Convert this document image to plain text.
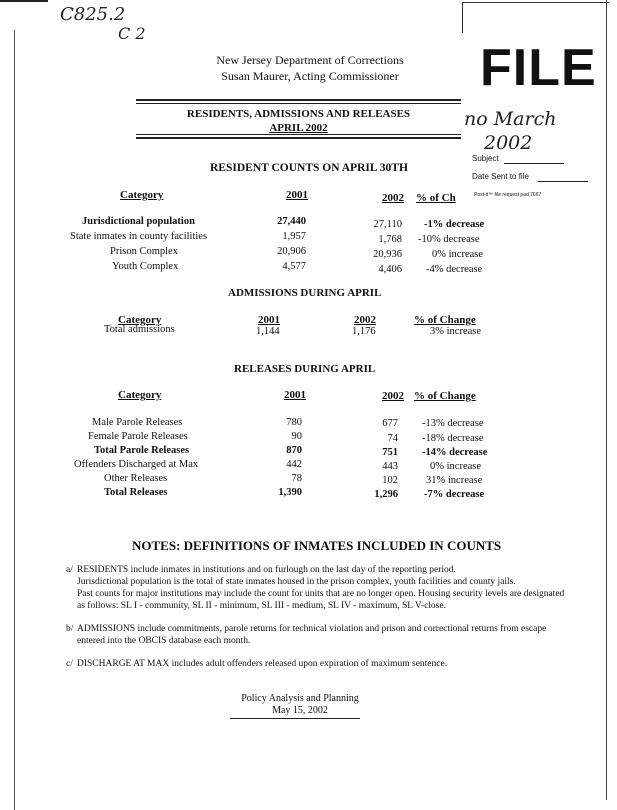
C825.2
C 2
FILE
no March
2002
Subject
Date Sent to file
Post-it™ file request pad 7667
New Jersey Department of Corrections
Susan Maurer, Acting Commissioner
RESIDENTS, ADMISSIONS AND RELEASES
APRIL 2002
RESIDENT COUNTS ON APRIL 30TH
Category	2001	2002 % of Ch
Jurisdictional population	27,440	27,110 -1% decrease
State inmates in county facilities	1,957	1,768 -10% decrease
Prison Complex	20,906	20,936	0% increase
Youth Complex	4,577	4,406 -4% decrease
ADMISSIONS DURING APRIL
Category	2001	2002	% of Change
Total admissions	1,144	1,176	3% increase
RELEASES DURING APRIL
Category	2001	2002 % of Change
Male Parole Releases	780	677 -13% decrease
Female Parole Releases	90	74 -18% decrease
Total Parole Releases	870	751 -14% decrease
Offenders Discharged at Max	442	443	0% increase
Other Releases	78	102	31% increase
Total Releases	1,390	1,296 -7% decrease
NOTES: DEFINITIONS OF INMATES INCLUDED IN COUNTS
a/ RESIDENTS include inmates in institutions and on furlough on the last day of the reporting period.
Jurisdictional population is the total of state inmates housed in the prison complex, youth facilities and county jails.
Past counts for major institutions may include the count for units that are no longer open. Housing security levels are designated
as follows: SL I - community, SL II - minimum, SL III - medium, SL IV - maximum, SL V-close.
b/ ADMISSIONS include commitments, parole returns for technical violation and prison and correctional returns from escape
entered into the OBCIS database each month.
c/ DISCHARGE AT MAX includes adult offenders released upon expiration of maximum sentence.
Policy Analysis and Planning
May 15, 2002
